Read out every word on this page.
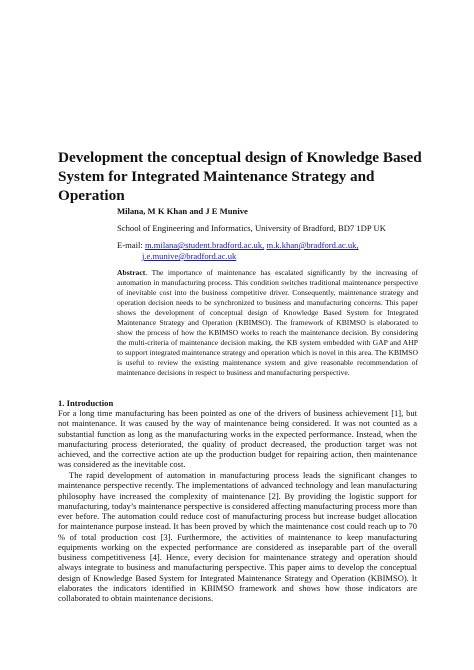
Development the conceptual design of Knowledge Based System for Integrated Maintenance Strategy and Operation
Milana, M K Khan and J E Munive
School of Engineering and Informatics, University of Bradford, BD7 1DP UK
E-mail: m.milana@student.bradford.ac.uk, m.k.khan@bradford.ac.uk,
j.e.munive@bradford.ac.uk

Abstract. The importance of maintenance has escalated significantly by the increasing of automation in manufacturing process. This condition switches traditional maintenance perspective of inevitable cost into the business competitive driver. Consequently, maintenance strategy and operation decision needs to be synchronized to business and manufacturing concerns. This paper shows the development of conceptual design of Knowledge Based System for Integrated Maintenance Strategy and Operation (KBIMSO). The framework of KBIMSO is elaborated to show the process of how the KBIMSO works to reach the maintenance decision. By considering the multi-criteria of maintenance decision making, the KB system embedded with GAP and AHP to support integrated maintenance strategy and operation which is novel in this area. The KBIMSO is useful to review the existing maintenance system and give reasonable recommendation of maintenance decisions in respect to business and manufacturing perspective.

1. Introduction

For a long time manufacturing has been pointed as one of the drivers of business achievement [1], but not maintenance. It was caused by the way of maintenance being considered. It was not counted as a substantial function as long as the manufacturing works in the expected performance. Instead, when the manufacturing process deteriorated, the quality of product decreased, the production target was not achieved, and the corrective action ate up the production budget for repairing action, then maintenance was considered as the inevitable cost.

The rapid development of automation in manufacturing process leads the significant changes to maintenance perspective recently. The implementations of advanced technology and lean manufacturing philosophy have increased the complexity of maintenance [2]. By providing the logistic support for manufacturing, today’s maintenance perspective is considered affecting manufacturing process more than ever before. The automation could reduce cost of manufacturing process but increase budget allocation for maintenance purpose instead. It has been proved by which the maintenance cost could reach up to 70 % of total production cost [3]. Furthermore, the activities of maintenance to keep manufacturing equipments working on the expected performance are considered as inseparable part of the overall business competitiveness [4]. Hence, every decision for maintenance strategy and operation should always integrate to business and manufacturing perspective. This paper aims to develop the conceptual design of Knowledge Based System for Integrated Maintenance Strategy and Operation (KBIMSO). It elaborates the indicators identified in KBIMSO framework and shows how those indicators are collaborated to obtain maintenance decisions.
